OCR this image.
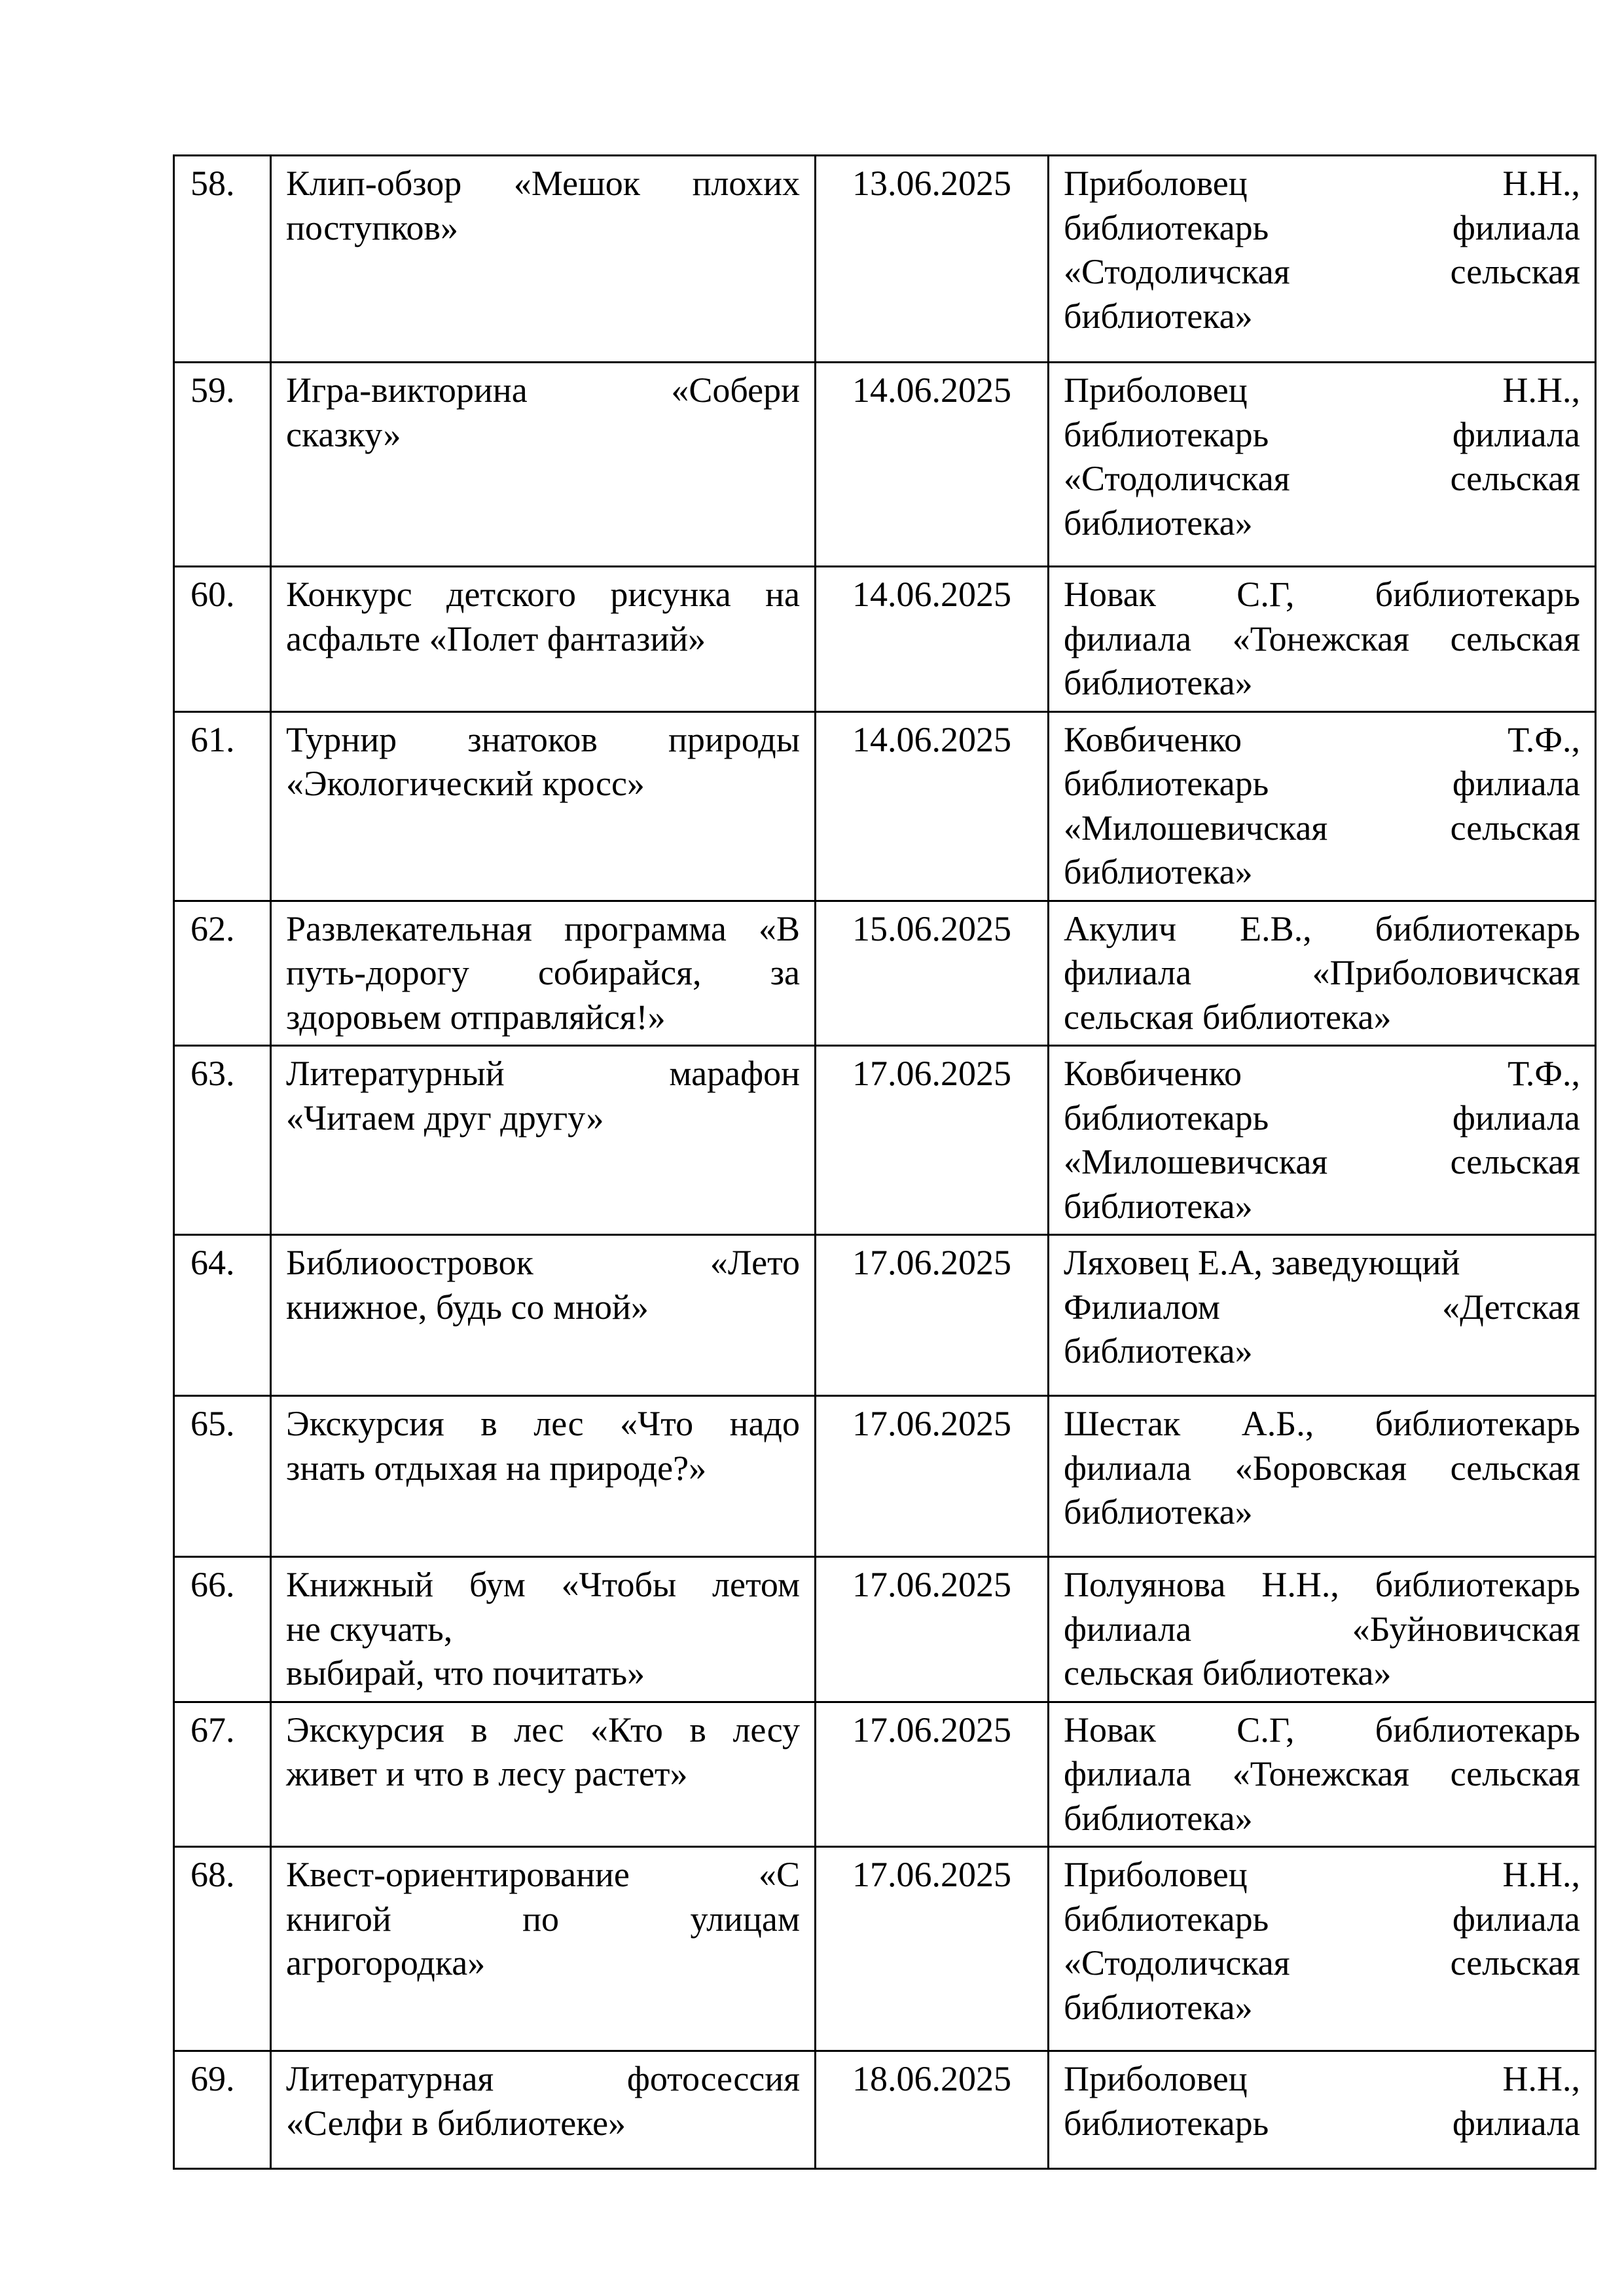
58.	Клип-обзор «Мешок плохих
поступков»	13.06.2025	Приболовец Н.Н.,
библиотекарь филиала
«Стодоличская сельская
библиотека»

59.	Игра-викторина «Собери
сказку»	14.06.2025	Приболовец Н.Н.,
библиотекарь филиала
«Стодоличская сельская
библиотека»

60.	Конкурс детского рисунка на
асфальте «Полет фантазий»	14.06.2025	Новак С.Г, библиотекарь
филиала «Тонежская сельская
библиотека»

61.	Турнир знатоков природы
«Экологический кросс»	14.06.2025	Ковбиченко Т.Ф.,
библиотекарь филиала
«Милошевичская сельская
библиотека»

62.	Развлекательная программа «В
путь-дорогу собирайся, за
здоровьем отправляйся!»	15.06.2025	Акулич Е.В., библиотекарь
филиала «Приболовичская
сельская библиотека»

63.	Литературный марафон
«Читаем друг другу»	17.06.2025	Ковбиченко Т.Ф.,
библиотекарь филиала
«Милошевичская сельская
библиотека»

64.	Библиоостровок «Лето
книжное, будь со мной»	17.06.2025	Ляховец Е.А, заведующий
Филиалом «Детская
библиотека»

65.	Экскурсия в лес «Что надо
знать отдыхая на природе?»	17.06.2025	Шестак А.Б., библиотекарь
филиала «Боровская сельская
библиотека»

66.	Книжный бум «Чтобы летом
не скучать,
выбирай, что почитать»	17.06.2025	Полуянова Н.Н., библиотекарь
филиала «Буйновичская
сельская библиотека»

67.	Экскурсия в лес «Кто в лесу
живет и что в лесу растет»	17.06.2025	Новак С.Г, библиотекарь
филиала «Тонежская сельская
библиотека»

68.	Квест-ориентирование «С
книгой по улицам
агрогородка»	17.06.2025	Приболовец Н.Н.,
библиотекарь филиала
«Стодоличская сельская
библиотека»

69.	Литературная фотосессия
«Селфи в библиотеке»	18.06.2025	Приболовец Н.Н.,
библиотекарь филиала
